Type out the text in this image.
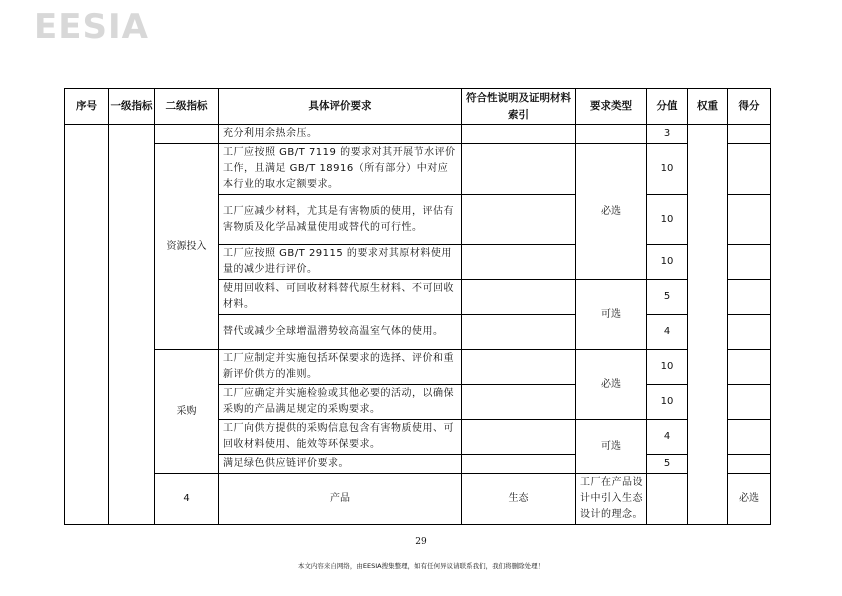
EESIA
序号	一级指标	二级指标	具体评价要求	符合性说明及证明材料索引	要求类型	分值	权重	得分	
			充分利用余热余压。			3			
		资源投入	工厂应按照 GB/T 7119 的要求对其开展节水评价工作，且满足 GB/T 18916（所有部分）中对应本行业的取水定额要求。		必选	10			
			工厂应减少材料，尤其是有害物质的使用，评估有害物质及化学品减量使用或替代的可行性。			10			
			工厂应按照 GB/T 29115 的要求对其原材料使用量的减少进行评价。			10			
			使用回收料、可回收材料替代原生材料、不可回收材料。		可选	5			
			替代或减少全球增温潜势较高温室气体的使用。			4			
		采购	工厂应制定并实施包括环保要求的选择、评价和重新评价供方的准则。		必选	10			
			工厂应确定并实施检验或其他必要的活动，以确保采购的产品满足规定的采购要求。			10			
			工厂向供方提供的采购信息包含有害物质使用、可回收材料使用、能效等环保要求。		可选	4			
			满足绿色供应链评价要求。			5			
		4	产品	生态	工厂在产品设计中引入生态设计的理念。			必选			
29
本文内容来自网络，由EESIA搜集整理，如有任何异议请联系我们，我们将删除处理！
